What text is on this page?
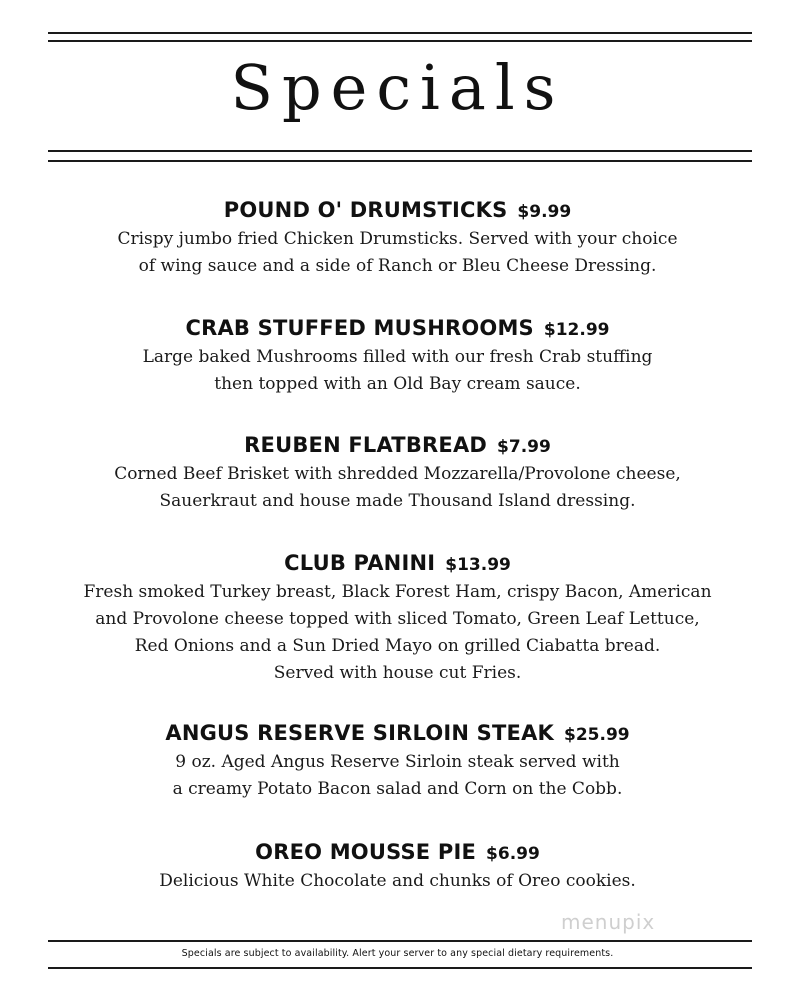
Specials
POUND O' DRUMSTICKS $9.99
Crispy jumbo fried Chicken Drumsticks. Served with your choice
of wing sauce and a side of Ranch or Bleu Cheese Dressing.
CRAB STUFFED MUSHROOMS $12.99
Large baked Mushrooms filled with our fresh Crab stuffing
then topped with an Old Bay cream sauce.
REUBEN FLATBREAD $7.99
Corned Beef Brisket with shredded Mozzarella/Provolone cheese,
Sauerkraut and house made Thousand Island dressing.
CLUB PANINI $13.99
Fresh smoked Turkey breast, Black Forest Ham, crispy Bacon, American
and Provolone cheese topped with sliced Tomato, Green Leaf Lettuce,
Red Onions and a Sun Dried Mayo on grilled Ciabatta bread.
Served with house cut Fries.
ANGUS RESERVE SIRLOIN STEAK $25.99
9 oz. Aged Angus Reserve Sirloin steak served with
a creamy Potato Bacon salad and Corn on the Cobb.
OREO MOUSSE PIE $6.99
Delicious White Chocolate and chunks of Oreo cookies.
menupix
Specials are subject to availability. Alert your server to any special dietary requirements.
